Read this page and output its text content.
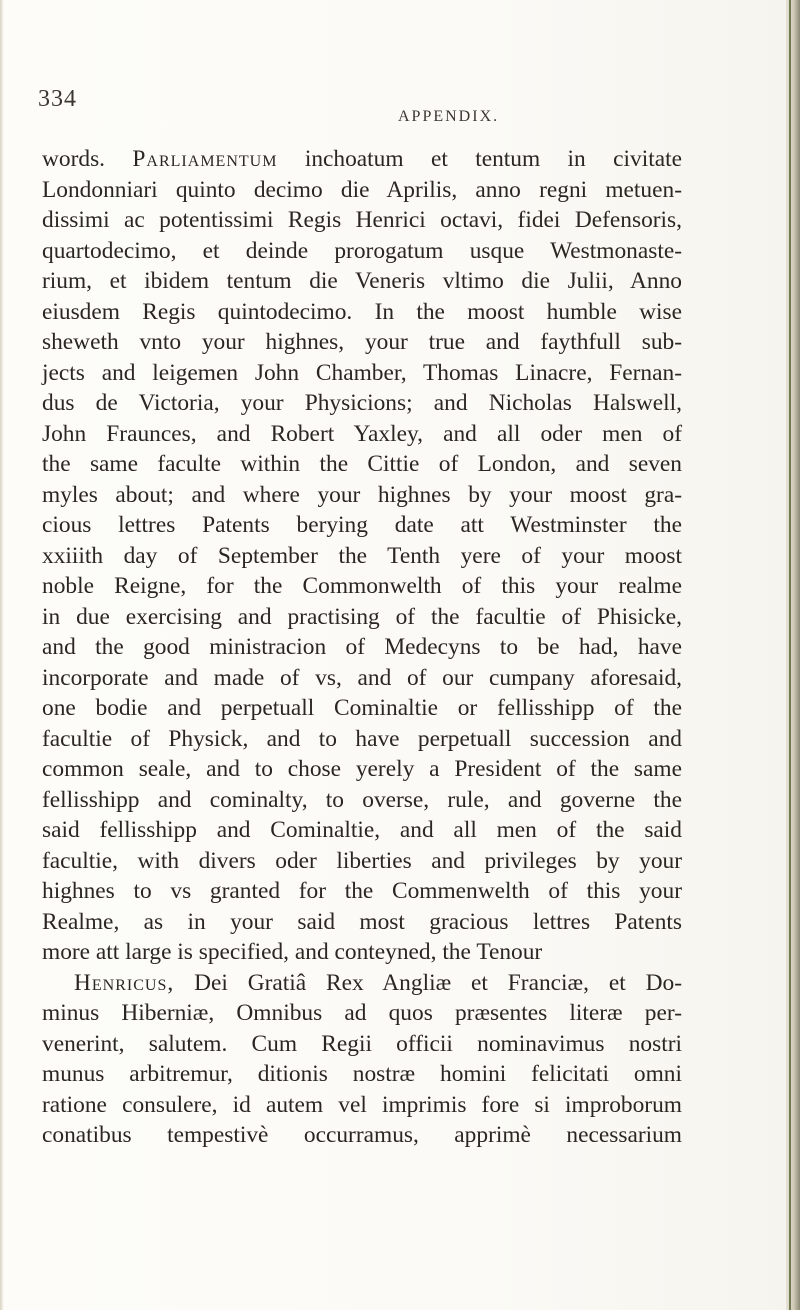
334
APPENDIX.
words. Parliamentum inchoatum et tentum in civitate
Londonniari quinto decimo die Aprilis, anno regni metuen-
dissimi ac potentissimi Regis Henrici octavi, fidei Defensoris,
quartodecimo, et deinde prorogatum usque Westmonaste-
rium, et ibidem tentum die Veneris vltimo die Julii, Anno
eiusdem Regis quintodecimo. In the moost humble wise
sheweth vnto your highnes, your true and faythfull sub-
jects and leigemen John Chamber, Thomas Linacre, Fernan-
dus de Victoria, your Physicions; and Nicholas Halswell,
John Fraunces, and Robert Yaxley, and all oder men of
the same faculte within the Cittie of London, and seven
myles about; and where your highnes by your moost gra-
cious lettres Patents berying date att Westminster the
xxiiith day of September the Tenth yere of your moost
noble Reigne, for the Commonwelth of this your realme
in due exercising and practising of the facultie of Phisicke,
and the good ministracion of Medecyns to be had, have
incorporate and made of vs, and of our cumpany aforesaid,
one bodie and perpetuall Cominaltie or fellisshipp of the
facultie of Physick, and to have perpetuall succession and
common seale, and to chose yerely a President of the same
fellisshipp and cominalty, to overse, rule, and governe the
said fellisshipp and Cominaltie, and all men of the said
facultie, with divers oder liberties and privileges by your
highnes to vs granted for the Commenwelth of this your
Realme, as in your said most gracious lettres Patents
more att large is specified, and conteyned, the Tenour
Henricus, Dei Gratiâ Rex Angliæ et Franciæ, et Do-
minus Hiberniæ, Omnibus ad quos præsentes literæ per-
venerint, salutem. Cum Regii officii nominavimus nostri
munus arbitremur, ditionis nostræ homini felicitati omni
ratione consulere, id autem vel imprimis fore si improborum
conatibus tempestivè occurramus, apprimè necessarium
